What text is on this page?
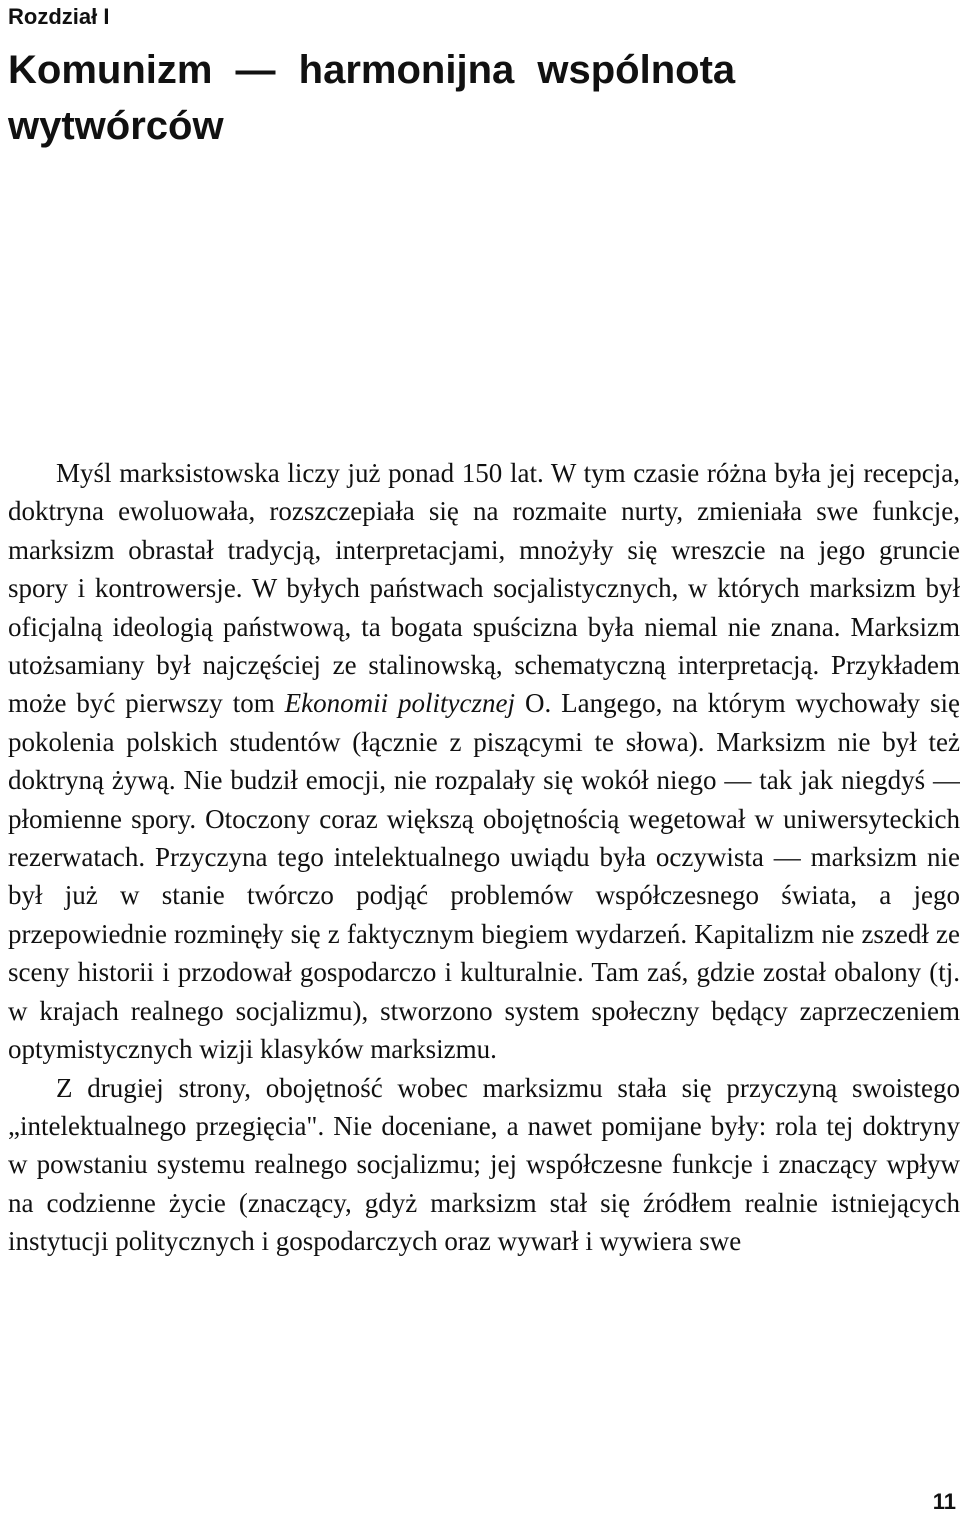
Rozdział I
Komunizm — harmonijna wspólnota wytwórców

Myśl marksistowska liczy już ponad 150 lat. W tym czasie różna była jej recepcja, doktryna ewoluowała, rozszczepiała się na rozmaite nurty, zmieniała swe funkcje, marksizm obrastał tradycją, interpretacjami, mnożyły się wreszcie na jego gruncie spory i kontrowersje. W byłych państwach socjalistycznych, w których marksizm był oficjalną ideologią państwową, ta bogata spuścizna była niemal nie znana. Marksizm utożsamiany był najczęściej ze stalinowską, schematyczną interpretacją. Przykładem może być pierwszy tom Ekonomii politycznej O. Langego, na którym wychowały się pokolenia polskich studentów (łącznie z piszącymi te słowa). Marksizm nie był też doktryną żywą. Nie budził emocji, nie rozpalały się wokół niego — tak jak niegdyś — płomienne spory. Otoczony coraz większą obojętnością wegetował w uniwersyteckich rezerwatach. Przyczyna tego intelektualnego uwiądu była oczywista — marksizm nie był już w stanie twórczo podjąć problemów współczesnego świata, a jego przepowiednie rozminęły się z faktycznym biegiem wydarzeń. Kapitalizm nie zszedł ze sceny historii i przodował gospodarczo i kulturalnie. Tam zaś, gdzie został obalony (tj. w krajach realnego socjalizmu), stworzono system społeczny będący zaprzeczeniem optymistycznych wizji klasyków marksizmu.

Z drugiej strony, obojętność wobec marksizmu stała się przyczyną swoistego „intelektualnego przegięcia". Nie doceniane, a nawet pomijane były: rola tej doktryny w powstaniu systemu realnego socjalizmu; jej współczesne funkcje i znaczący wpływ na codzienne życie (znaczący, gdyż marksizm stał się źródłem realnie istniejących instytucji politycznych i gospodarczych oraz wywarł i wywiera swe

11
